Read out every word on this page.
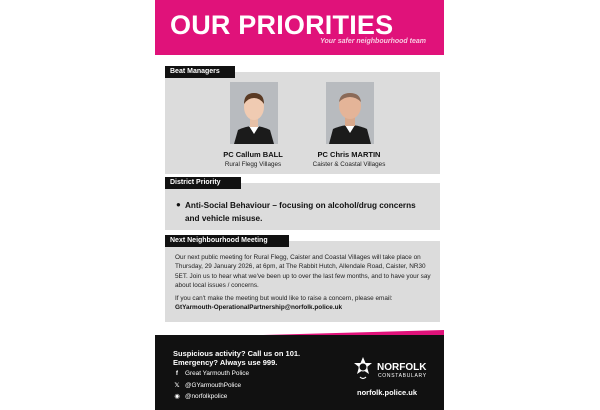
OUR PRIORITIES
Your safer neighbourhood team
Beat Managers
PC Callum BALL
Rural Flegg Villages
PC Chris MARTIN
Caister & Coastal Villages
District Priority
● Anti-Social Behaviour – focusing on alcohol/drug concerns and vehicle misuse.
Next Neighbourhood Meeting
Our next public meeting for Rural Flegg, Caister and Coastal Villages will take place on Thursday, 29 January 2026, at 6pm, at The Rabbit Hutch, Allendale Road, Caister, NR30 5ET. Join us to hear what we've been up to over the last few months, and to have your say about local issues / concerns.
If you can't make the meeting but would like to raise a concern, please email:
GtYarmouth-OperationalPartnership@norfolk.police.uk
Suspicious activity? Call us on 101.
Emergency? Always use 999.
f Great Yarmouth Police
𝕏 @GYarmouthPolice
◉ @norfolkpolice
NORFOLK
CONSTABULARY
norfolk.police.uk
